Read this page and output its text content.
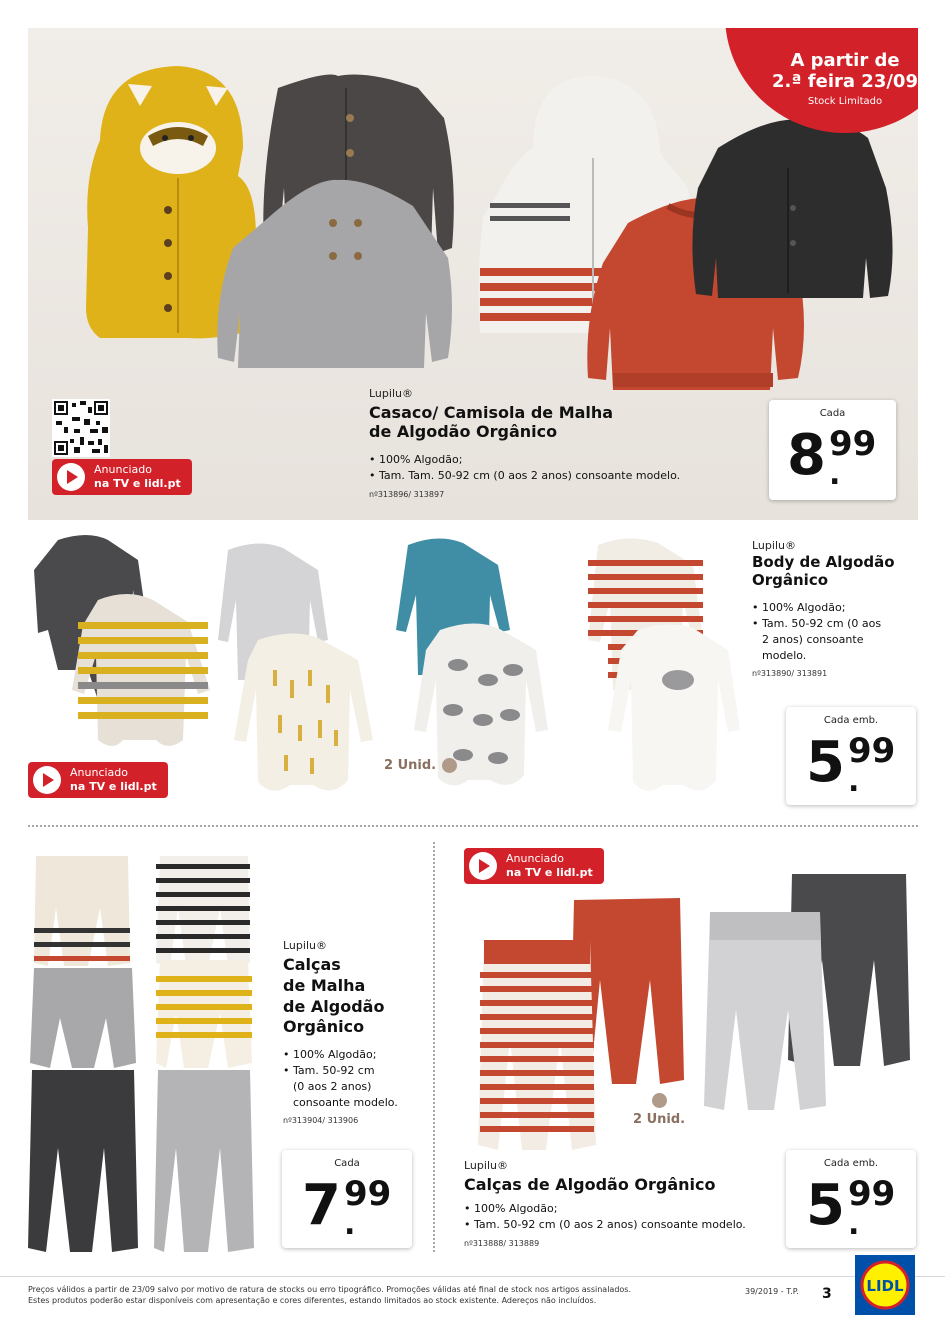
A partir de
2.ª feira 23/09
Stock Limitado
Anunciado
na TV e lidl.pt
Lupilu®
Casaco/ Camisola de Malha
de Algodão Orgânico
• 100% Algodão;
• Tam. Tam. 50-92 cm (0 aos 2 anos) consoante modelo.
nº313896/ 313897
Cada
8 99
.
Anunciado
na TV e lidl.pt
2 Unid.
Lupilu®
Body de Algodão
Orgânico
• 100% Algodão;
• Tam. 50-92 cm (0 aos
2 anos) consoante
modelo.
nº313890/ 313891
Cada emb.
5 99
.
Lupilu®
Calças
de Malha
de Algodão
Orgânico
• 100% Algodão;
• Tam. 50-92 cm
(0 aos 2 anos)
consoante modelo.
nº313904/ 313906
Cada
7 99
.
Anunciado
na TV e lidl.pt
2 Unid.
Lupilu®
Calças de Algodão Orgânico
• 100% Algodão;
• Tam. 50-92 cm (0 aos 2 anos) consoante modelo.
nº313888/ 313889
Cada emb.
5 99
.
Preços válidos a partir de 23/09 salvo por motivo de ratura de stocks ou erro tipográfico. Promoções válidas até final de stock nos artigos assinalados.
Estes produtos poderão estar disponíveis com apresentação e cores diferentes, estando limitados ao stock existente. Adereços não incluídos.
39/2019 - T.P. 3 LIDL
